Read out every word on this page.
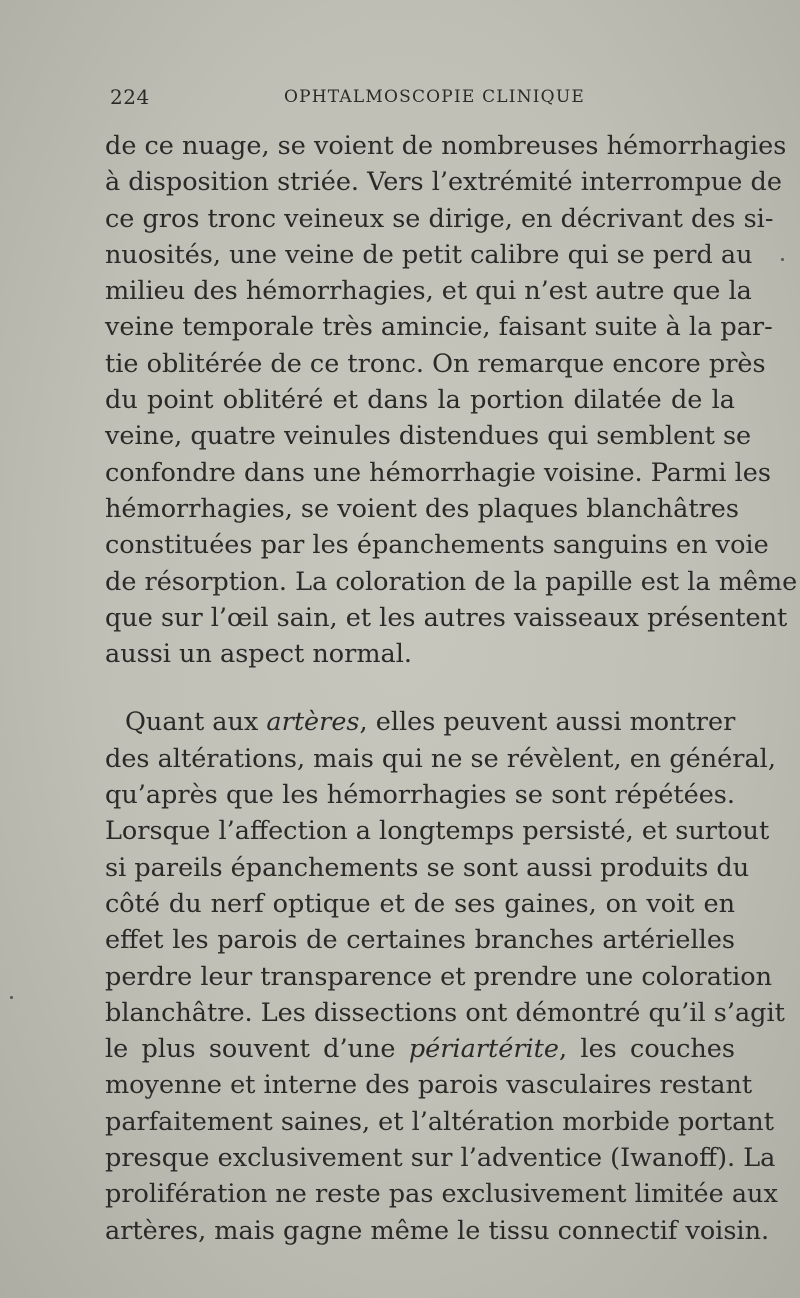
224	OPHTALMOSCOPIE CLINIQUE
de ce nuage, se voient de nombreuses hémorrhagies
à disposition striée. Vers l’extrémité interrompue de
ce gros tronc veineux se dirige, en décrivant des si-
nuosités, une veine de petit calibre qui se perd au
milieu des hémorrhagies, et qui n’est autre que la
veine temporale très amincie, faisant suite à la par-
tie oblitérée de ce tronc. On remarque encore près
du point oblitéré et dans la portion dilatée de la
veine, quatre veinules distendues qui semblent se
confondre dans une hémorrhagie voisine. Parmi les
hémorrhagies, se voient des plaques blanchâtres
constituées par les épanchements sanguins en voie
de résorption. La coloration de la papille est la même
que sur l’œil sain, et les autres vaisseaux présentent
aussi un aspect normal.
Quant aux artères, elles peuvent aussi montrer
des altérations, mais qui ne se révèlent, en général,
qu’après que les hémorrhagies se sont répétées.
Lorsque l’affection a longtemps persisté, et surtout
si pareils épanchements se sont aussi produits du
côté du nerf optique et de ses gaines, on voit en
effet les parois de certaines branches artérielles
perdre leur transparence et prendre une coloration
blanchâtre. Les dissections ont démontré qu’il s’agit
le plus souvent d’une périartérite, les couches
moyenne et interne des parois vasculaires restant
parfaitement saines, et l’altération morbide portant
presque exclusivement sur l’adventice (Iwanoff). La
prolifération ne reste pas exclusivement limitée aux
artères, mais gagne même le tissu connectif voisin.
